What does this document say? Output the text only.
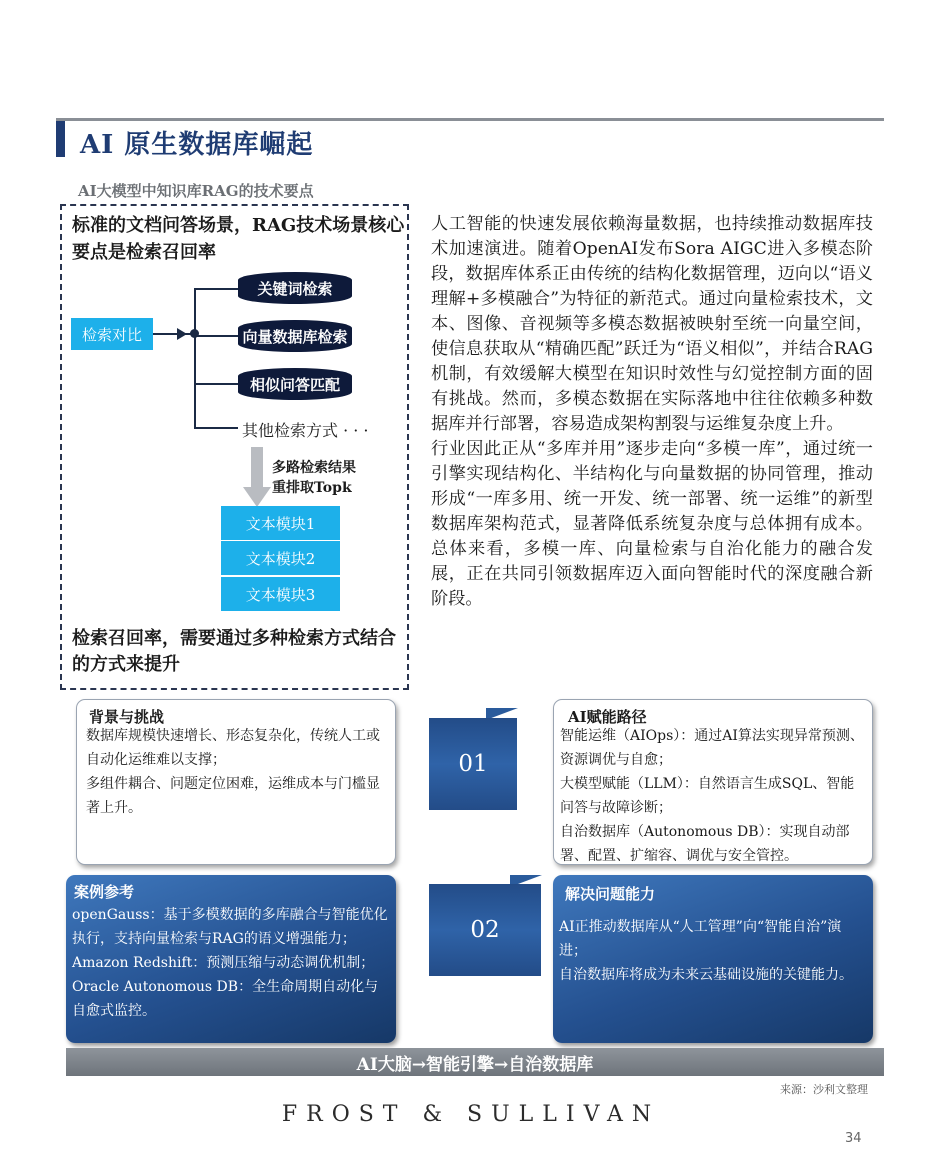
AI 原生数据库崛起
AI大模型中知识库RAG的技术要点
标准的文档问答场景，RAG技术场景核心要点是检索召回率
检索对比
关键词检索
向量数据库检索
相似问答匹配
其他检索方式 · · ·
多路检索结果
重排取Topk
文本模块1
文本模块2
文本模块3
检索召回率，需要通过多种检索方式结合的方式来提升

人工智能的快速发展依赖海量数据，也持续推动数据库技术加速演进。随着OpenAI发布Sora AIGC进入多模态阶段，数据库体系正由传统的结构化数据管理，迈向以“语义理解+多模融合”为特征的新范式。通过向量检索技术，文本、图像、音视频等多模态数据被映射至统一向量空间，使信息获取从“精确匹配”跃迁为“语义相似”，并结合RAG机制，有效缓解大模型在知识时效性与幻觉控制方面的固有挑战。然而，多模态数据在实际落地中往往依赖多种数据库并行部署，容易造成架构割裂与运维复杂度上升。

行业因此正从“多库并用”逐步走向“多模一库”，通过统一引擎实现结构化、半结构化与向量数据的协同管理，推动形成“一库多用、统一开发、统一部署、统一运维”的新型数据库架构范式，显著降低系统复杂度与总体拥有成本。总体来看，多模一库、向量检索与自治化能力的融合发展，正在共同引领数据库迈入面向智能时代的深度融合新阶段。

背景与挑战

数据库规模快速增长、形态复杂化，传统人工或自动化运维难以支撑；

多组件耦合、问题定位困难，运维成本与门槛显著上升。

01
AI赋能路径

智能运维（AIOps）：通过AI算法实现异常预测、资源调优与自愈；

大模型赋能（LLM）：自然语言生成SQL、智能问答与故障诊断；

自治数据库（Autonomous DB）：实现自动部署、配置、扩缩容、调优与安全管控。

案例参考

openGauss：基于多模数据的多库融合与智能优化执行，支持向量检索与RAG的语义增强能力；

Amazon Redshift：预测压缩与动态调优机制；

Oracle Autonomous DB：全生命周期自动化与自愈式监控。

02
解决问题能力

AI正推动数据库从“人工管理”向“智能自治”演进；

自治数据库将成为未来云基础设施的关键能力。

AI大脑→智能引擎→自治数据库
来源：沙利文整理
FROST & SULLIVAN
34
